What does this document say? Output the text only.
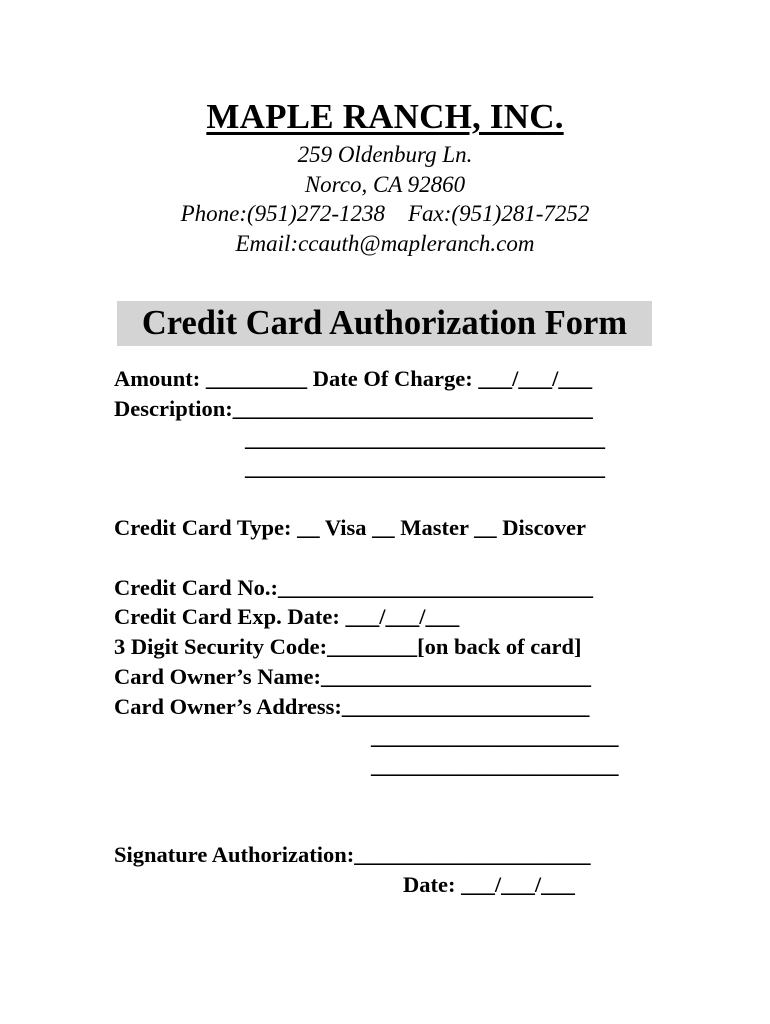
MAPLE RANCH, INC.
259 Oldenburg Ln.
Norco, CA 92860
Phone:(951)272-1238    Fax:(951)281-7252
Email:ccauth@mapleranch.com
Credit Card Authorization Form
Amount: _________ Date Of Charge: ___/___/___
Description:________________________________
________________________________
________________________________
Credit Card Type: __ Visa __ Master __ Discover
Credit Card No.:____________________________
Credit Card Exp. Date: ___/___/___
3 Digit Security Code:________[on back of card]
Card Owner’s Name:________________________
Card Owner’s Address:______________________
______________________
______________________
Signature Authorization:_____________________
Date: ___/___/___
